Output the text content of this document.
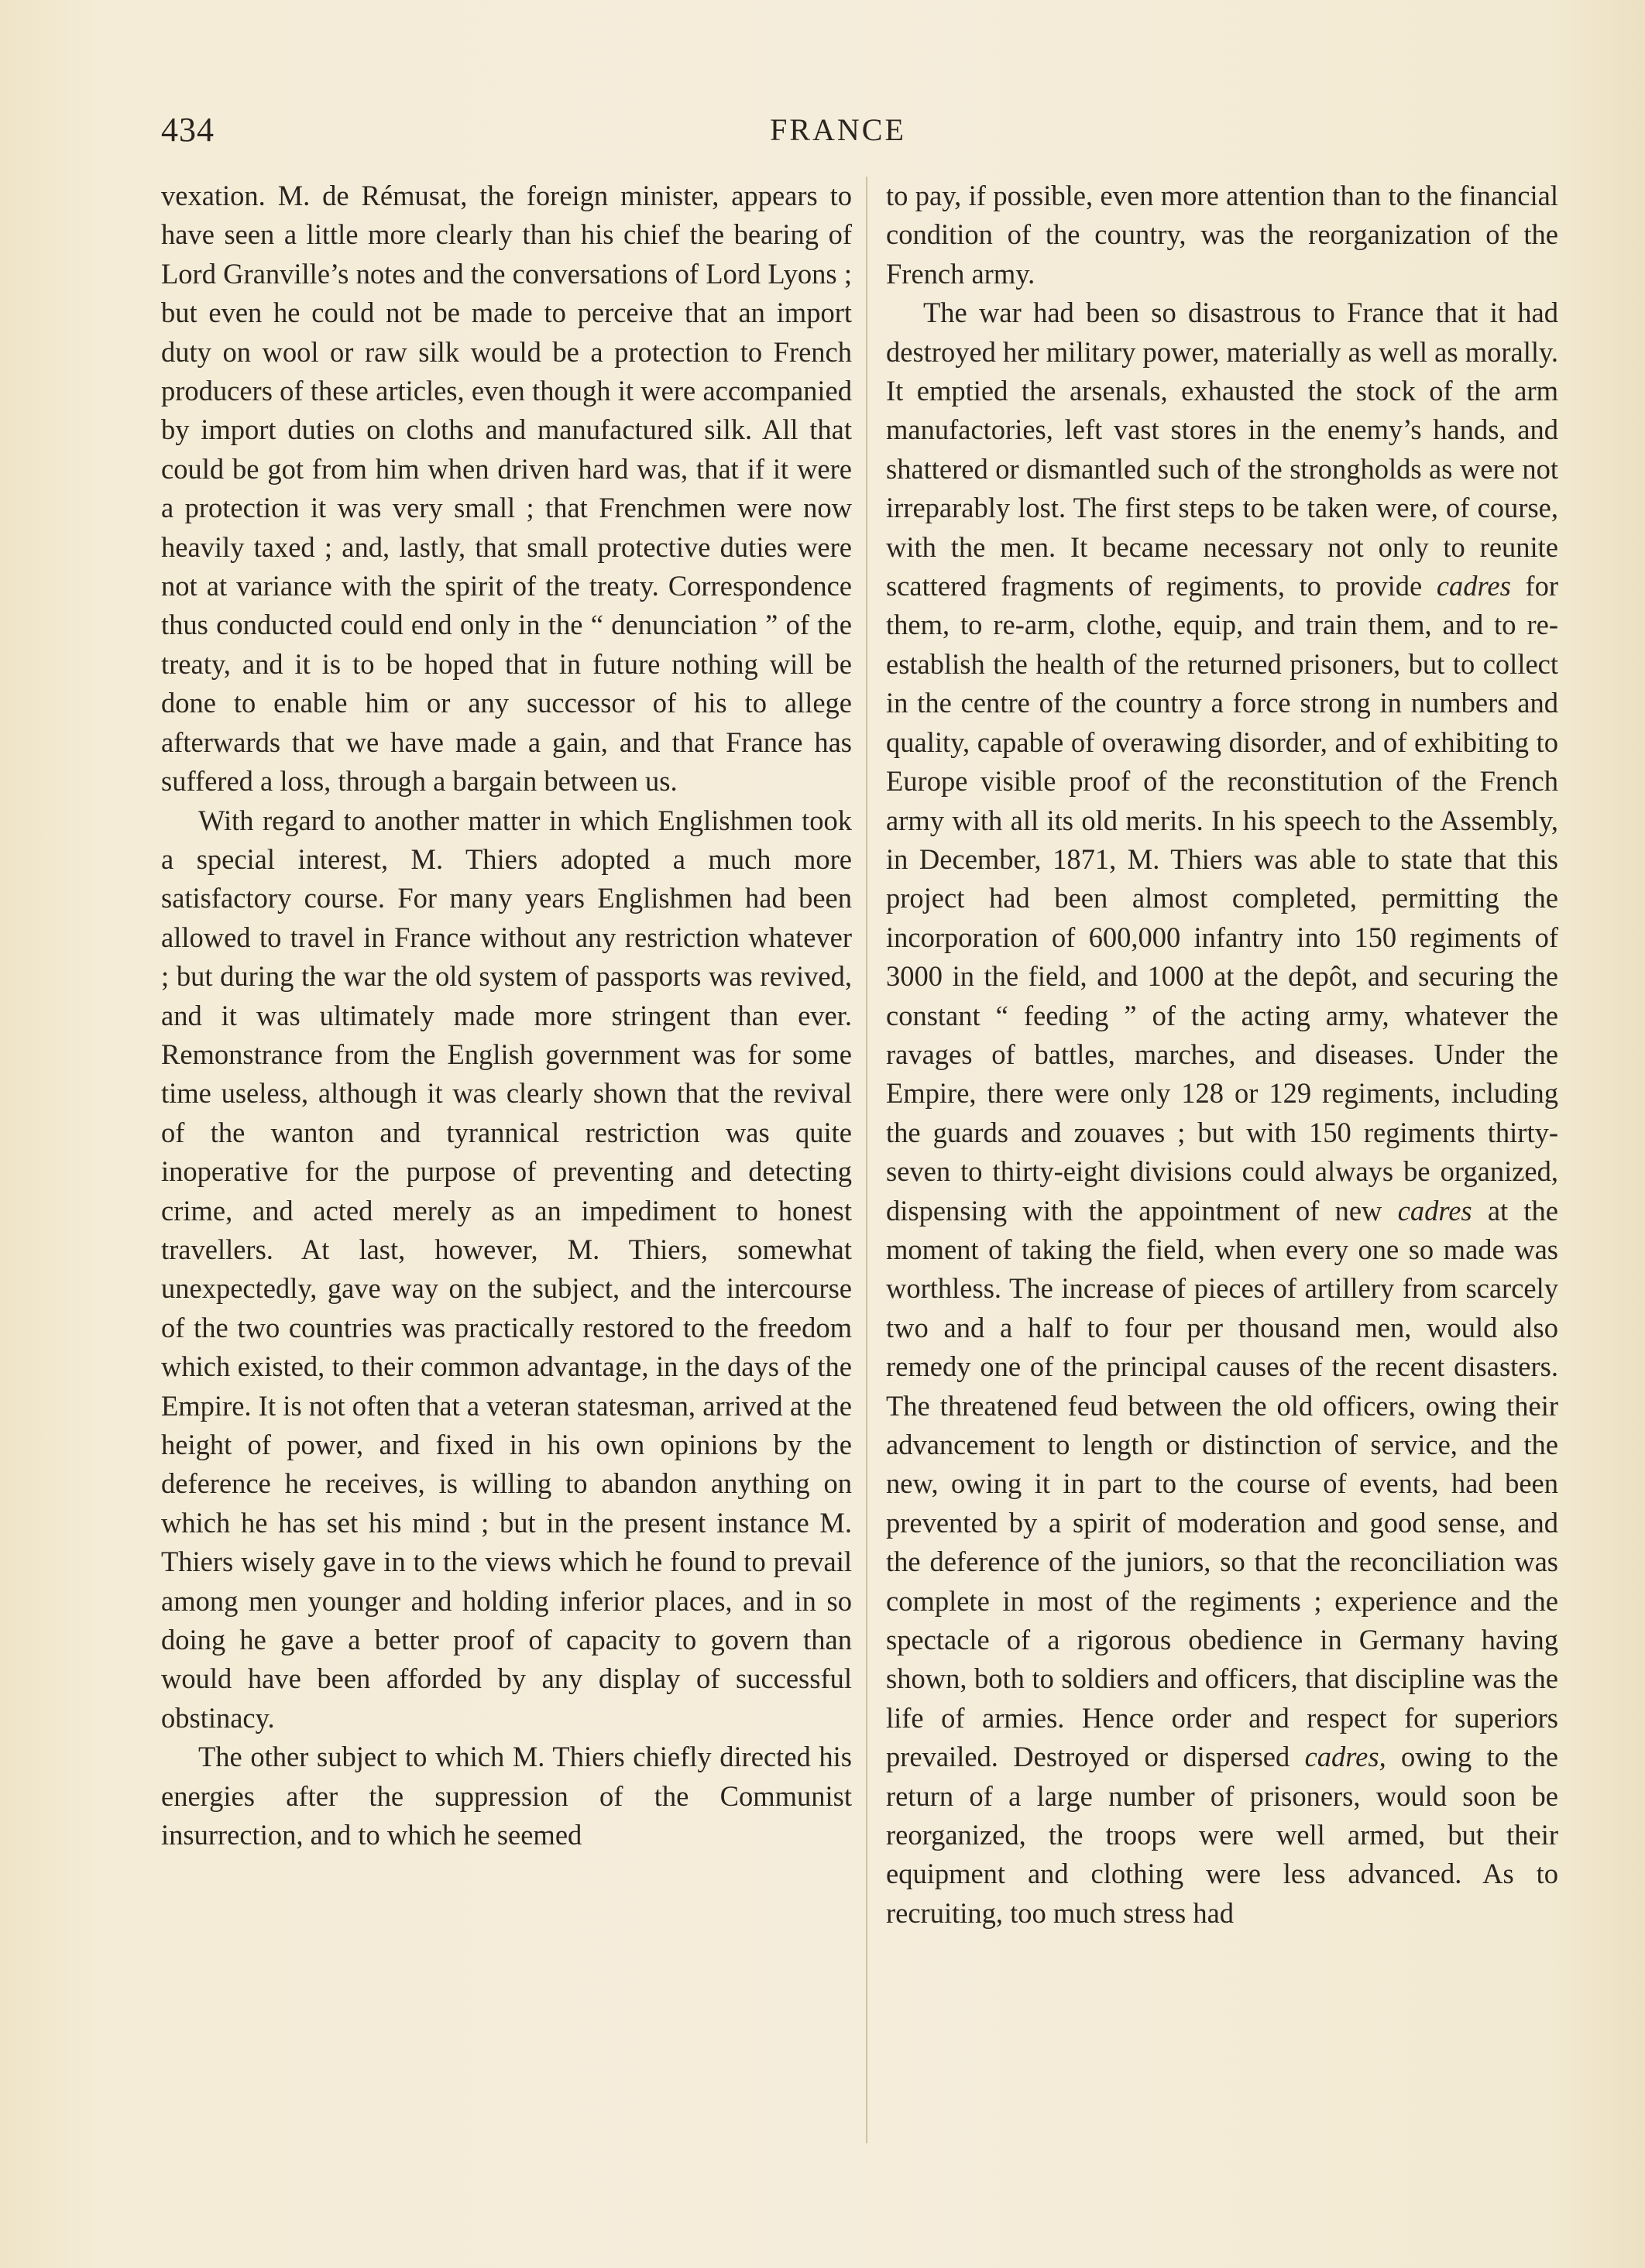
434	FRANCE

vexation. M. de Rémusat, the foreign minister, appears to have seen a little more clearly than his chief the bearing of Lord Granville’s notes and the conversations of Lord Lyons ; but even he could not be made to perceive that an import duty on wool or raw silk would be a protection to French producers of these articles, even though it were accompanied by import duties on cloths and manufactured silk. All that could be got from him when driven hard was, that if it were a protection it was very small ; that Frenchmen were now heavily taxed ; and, lastly, that small protective duties were not at variance with the spirit of the treaty. Correspondence thus conducted could end only in the “ denunciation ” of the treaty, and it is to be hoped that in future nothing will be done to enable him or any successor of his to allege afterwards that we have made a gain, and that France has suffered a loss, through a bargain between us.

With regard to another matter in which Englishmen took a special interest, M. Thiers adopted a much more satisfactory course. For many years Englishmen had been allowed to travel in France without any restriction whatever ; but during the war the old system of passports was revived, and it was ultimately made more stringent than ever. Remonstrance from the English government was for some time useless, although it was clearly shown that the revival of the wanton and tyrannical restriction was quite inoperative for the purpose of preventing and detecting crime, and acted merely as an impediment to honest travellers. At last, however, M. Thiers, somewhat unexpectedly, gave way on the subject, and the intercourse of the two countries was practically restored to the freedom which existed, to their common advantage, in the days of the Empire. It is not often that a veteran statesman, arrived at the height of power, and fixed in his own opinions by the deference he receives, is willing to abandon anything on which he has set his mind ; but in the present instance M. Thiers wisely gave in to the views which he found to prevail among men younger and holding inferior places, and in so doing he gave a better proof of capacity to govern than would have been afforded by any display of successful obstinacy.

The other subject to which M. Thiers chiefly directed his energies after the suppression of the Communist insurrection, and to which he seemed

to pay, if possible, even more attention than to the financial condition of the country, was the reorganization of the French army.

The war had been so disastrous to France that it had destroyed her military power, materially as well as morally. It emptied the arsenals, exhausted the stock of the arm manufactories, left vast stores in the enemy’s hands, and shattered or dismantled such of the strongholds as were not irreparably lost. The first steps to be taken were, of course, with the men. It became necessary not only to reunite scattered fragments of regiments, to provide cadres for them, to re-arm, clothe, equip, and train them, and to re-establish the health of the returned prisoners, but to collect in the centre of the country a force strong in numbers and quality, capable of overawing disorder, and of exhibiting to Europe visible proof of the reconstitution of the French army with all its old merits. In his speech to the Assembly, in December, 1871, M. Thiers was able to state that this project had been almost completed, permitting the incorporation of 600,000 infantry into 150 regiments of 3000 in the field, and 1000 at the depôt, and securing the constant “ feeding ” of the acting army, whatever the ravages of battles, marches, and diseases. Under the Empire, there were only 128 or 129 regiments, including the guards and zouaves ; but with 150 regiments thirty-seven to thirty-eight divisions could always be organized, dispensing with the appointment of new cadres at the moment of taking the field, when every one so made was worthless. The increase of pieces of artillery from scarcely two and a half to four per thousand men, would also remedy one of the principal causes of the recent disasters. The threatened feud between the old officers, owing their advancement to length or distinction of service, and the new, owing it in part to the course of events, had been prevented by a spirit of moderation and good sense, and the deference of the juniors, so that the reconciliation was complete in most of the regiments ; experience and the spectacle of a rigorous obedience in Germany having shown, both to soldiers and officers, that discipline was the life of armies. Hence order and respect for superiors prevailed. Destroyed or dispersed cadres, owing to the return of a large number of prisoners, would soon be reorganized, the troops were well armed, but their equipment and clothing were less advanced. As to recruiting, too much stress had
